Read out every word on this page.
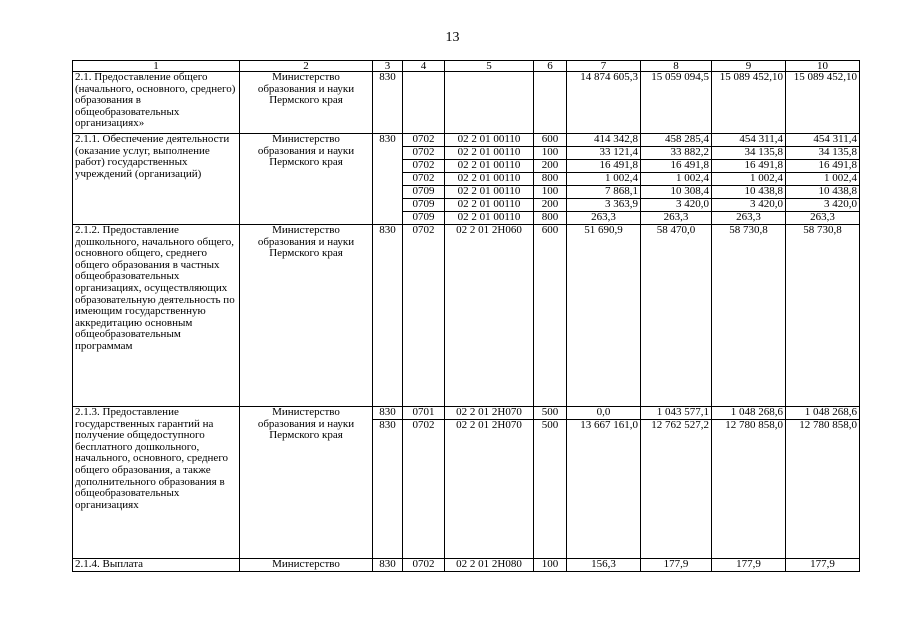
13
1	2	3	4	5	6	7	8	9	10
2.1. Предоставление общего (начального, основного, среднего) образования в общеобразовательных организациях»	Министерство образования и науки Пермского края	830				14 874 605,3	15 059 094,5	15 089 452,10	15 089 452,10
2.1.1. Обеспечение деятельности (оказание услуг, выполнение работ) государственных учреждений (организаций)	Министерство образования и науки Пермского края	830	0702	02 2 01 00110	600	414 342,8	458 285,4	454 311,4	454 311,4
			0702	02 2 01 00110	100	33 121,4	33 882,2	34 135,8	34 135,8
			0702	02 2 01 00110	200	16 491,8	16 491,8	16 491,8	16 491,8
			0702	02 2 01 00110	800	1 002,4	1 002,4	1 002,4	1 002,4
			0709	02 2 01 00110	100	7 868,1	10 308,4	10 438,8	10 438,8
			0709	02 2 01 00110	200	3 363,9	3 420,0	3 420,0	3 420,0
			0709	02 2 01 00110	800	263,3	263,3	263,3	263,3
2.1.2. Предоставление дошкольного, начального общего, основного общего, среднего общего образования в частных общеобразовательных организациях, осуществляющих образовательную деятельность по имеющим государственную аккредитацию основным общеобразовательным программам	Министерство образования и науки Пермского края	830	0702	02 2 01 2Н060	600	51 690,9	58 470,0	58 730,8	58 730,8
2.1.3. Предоставление государственных гарантий на получение общедоступного бесплатного дошкольного, начального, основного, среднего общего образования, а также дополнительного образования в общеобразовательных организациях	Министерство образования и науки Пермского края	830	0701	02 2 01 2Н070	500	0,0	1 043 577,1	1 048 268,6	1 048 268,6
		830	0702	02 2 01 2Н070	500	13 667 161,0	12 762 527,2	12 780 858,0	12 780 858,0
2.1.4. Выплата	Министерство	830	0702	02 2 01 2Н080	100	156,3	177,9	177,9	177,9
